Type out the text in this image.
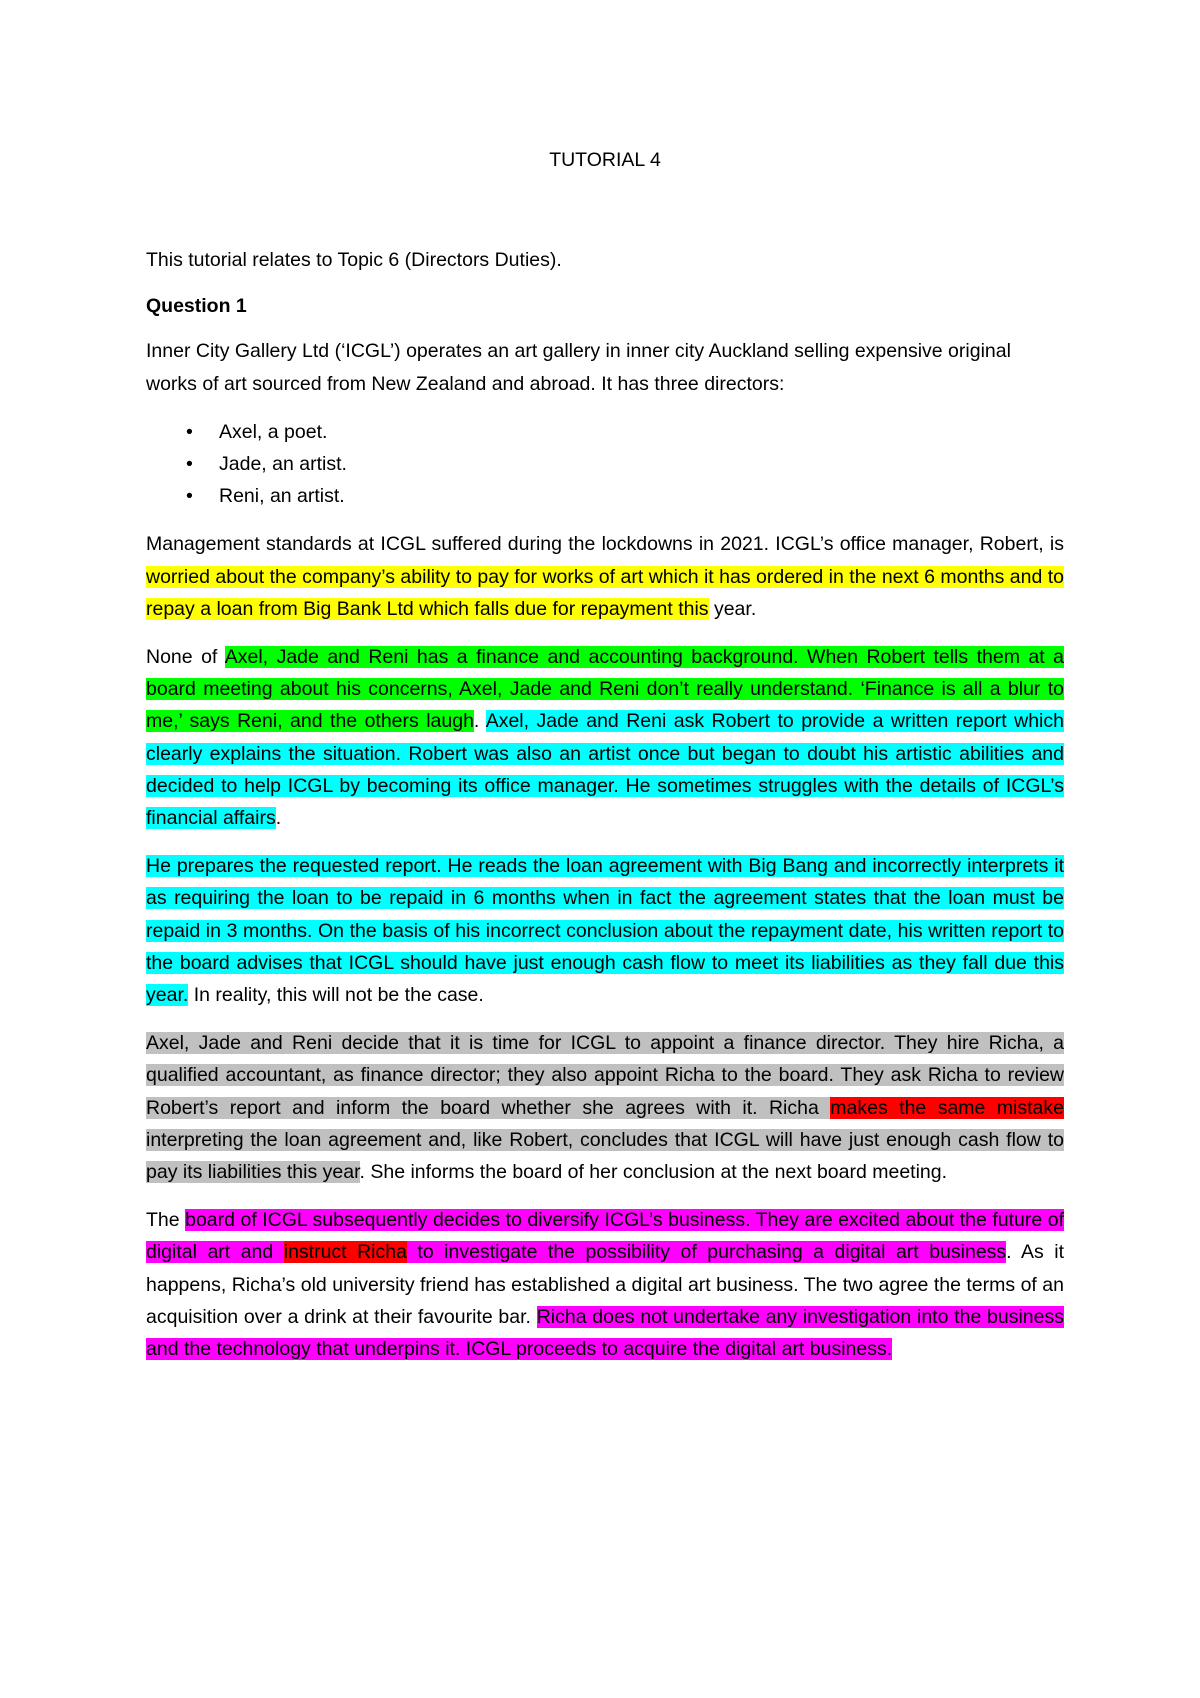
TUTORIAL 4

This tutorial relates to Topic 6 (Directors Duties).

Question 1

Inner City Gallery Ltd (‘ICGL’) operates an art gallery in inner city Auckland selling expensive original works of art sourced from New Zealand and abroad. It has three directors:

• Axel, a poet.
• Jade, an artist.
• Reni, an artist.

Management standards at ICGL suffered during the lockdowns in 2021. ICGL’s office manager, Robert, is worried about the company’s ability to pay for works of art which it has ordered in the next 6 months and to repay a loan from Big Bank Ltd which falls due for repayment this year.

None of Axel, Jade and Reni has a finance and accounting background. When Robert tells them at a board meeting about his concerns, Axel, Jade and Reni don’t really understand. ‘Finance is all a blur to me,’ says Reni, and the others laugh. Axel, Jade and Reni ask Robert to provide a written report which clearly explains the situation. Robert was also an artist once but began to doubt his artistic abilities and decided to help ICGL by becoming its office manager. He sometimes struggles with the details of ICGL’s financial affairs.

He prepares the requested report. He reads the loan agreement with Big Bang and incorrectly interprets it as requiring the loan to be repaid in 6 months when in fact the agreement states that the loan must be repaid in 3 months. On the basis of his incorrect conclusion about the repayment date, his written report to the board advises that ICGL should have just enough cash flow to meet its liabilities as they fall due this year. In reality, this will not be the case.

Axel, Jade and Reni decide that it is time for ICGL to appoint a finance director. They hire Richa, a qualified accountant, as finance director; they also appoint Richa to the board. They ask Richa to review Robert’s report and inform the board whether she agrees with it. Richa makes the same mistake interpreting the loan agreement and, like Robert, concludes that ICGL will have just enough cash flow to pay its liabilities this year. She informs the board of her conclusion at the next board meeting.

The board of ICGL subsequently decides to diversify ICGL’s business. They are excited about the future of digital art and instruct Richa to investigate the possibility of purchasing a digital art business. As it happens, Richa’s old university friend has established a digital art business. The two agree the terms of an acquisition over a drink at their favourite bar. Richa does not undertake any investigation into the business and the technology that underpins it. ICGL proceeds to acquire the digital art business.
